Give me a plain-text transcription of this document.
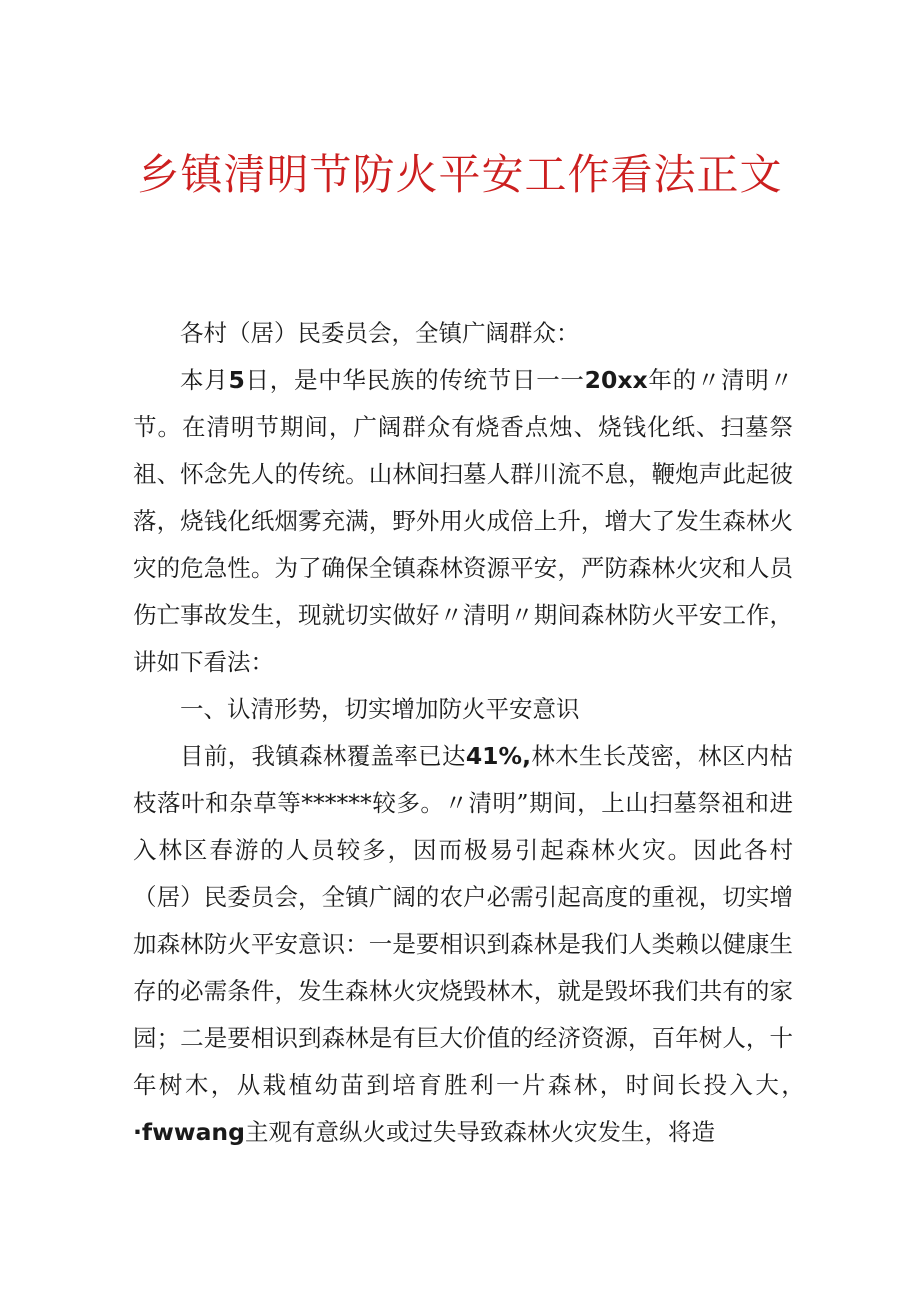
乡镇清明节防火平安工作看法正文

各村（居）民委员会，全镇广阔群众：

本月5日，是中华民族的传统节日一一20xx年的〃清明〃节。在清明节期间，广阔群众有烧香点烛、烧钱化纸、扫墓祭祖、怀念先人的传统。山林间扫墓人群川流不息，鞭炮声此起彼落，烧钱化纸烟雾充满，野外用火成倍上升，增大了发生森林火灾的危急性。为了确保全镇森林资源平安，严防森林火灾和人员伤亡事故发生，现就切实做好〃清明〃期间森林防火平安工作，讲如下看法：

一、认清形势，切实增加防火平安意识

目前，我镇森林覆盖率已达41%,林木生长茂密，林区内枯枝落叶和杂草等******较多。〃清明”期间，上山扫墓祭祖和进入林区春游的人员较多，因而极易引起森林火灾。因此各村（居）民委员会，全镇广阔的农户必需引起高度的重视，切实增加森林防火平安意识：一是要相识到森林是我们人类赖以健康生存的必需条件，发生森林火灾烧毁林木，就是毁坏我们共有的家园；二是要相识到森林是有巨大价值的经济资源，百年树人，十年树木，从栽植幼苗到培育胜利一片森林，时间长投入大，·fwwang主观有意纵火或过失导致森林火灾发生，将造
